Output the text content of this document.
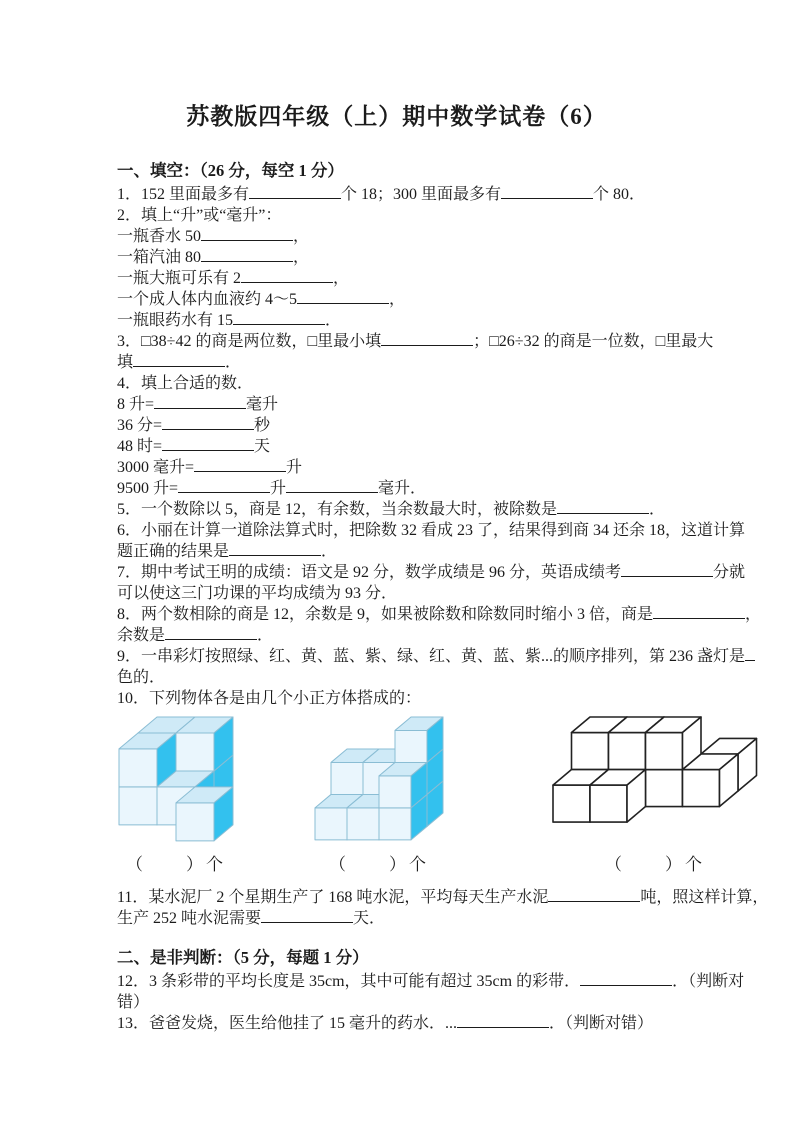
苏教版四年级（上）期中数学试卷（6）
一、填空：（26 分，每空 1 分）
1．152 里面最多有	个 18；300 里面最多有	个 80．
2．填上“升”或“毫升”：
一瓶香水 50	，
一箱汽油 80	，
一瓶大瓶可乐有 2	，
一个成人体内血液约 4～5	，
一瓶眼药水有 15	．
3．□38÷42 的商是两位数，□里最小填	；□26÷32 的商是一位数，□里最大
填	．
4．填上合适的数．
8 升=	毫升
36 分=	秒
48 时=	天
3000 毫升=	升
9500 升=	升	毫升．
5．一个数除以 5，商是 12，有余数，当余数最大时，被除数是	．
6．小丽在计算一道除法算式时，把除数 32 看成 23 了，结果得到商 34 还余 18，这道计算
题正确的结果是	．
7．期中考试王明的成绩：语文是 92 分，数学成绩是 96 分，英语成绩考	分就
可以使这三门功课的平均成绩为 93 分．
8．两个数相除的商是 12，余数是 9，如果被除数和除数同时缩小 3 倍，商是	，
余数是	．
9．一串彩灯按照绿、红、黄、蓝、紫、绿、红、黄、蓝、紫...的顺序排列，第 236 盏灯是
色的．
10．下列物体各是由几个小正方体搭成的：
（　　）个	（　　）个	（　　）个
11．某水泥厂 2 个星期生产了 168 吨水泥，平均每天生产水泥	吨，照这样计算，
生产 252 吨水泥需要	天．
二、是非判断：（5 分，每题 1 分）
12．3 条彩带的平均长度是 35cm，其中可能有超过 35cm 的彩带．	．（判断对
错）
13．爸爸发烧，医生给他挂了 15 毫升的药水．...	．（判断对错）
